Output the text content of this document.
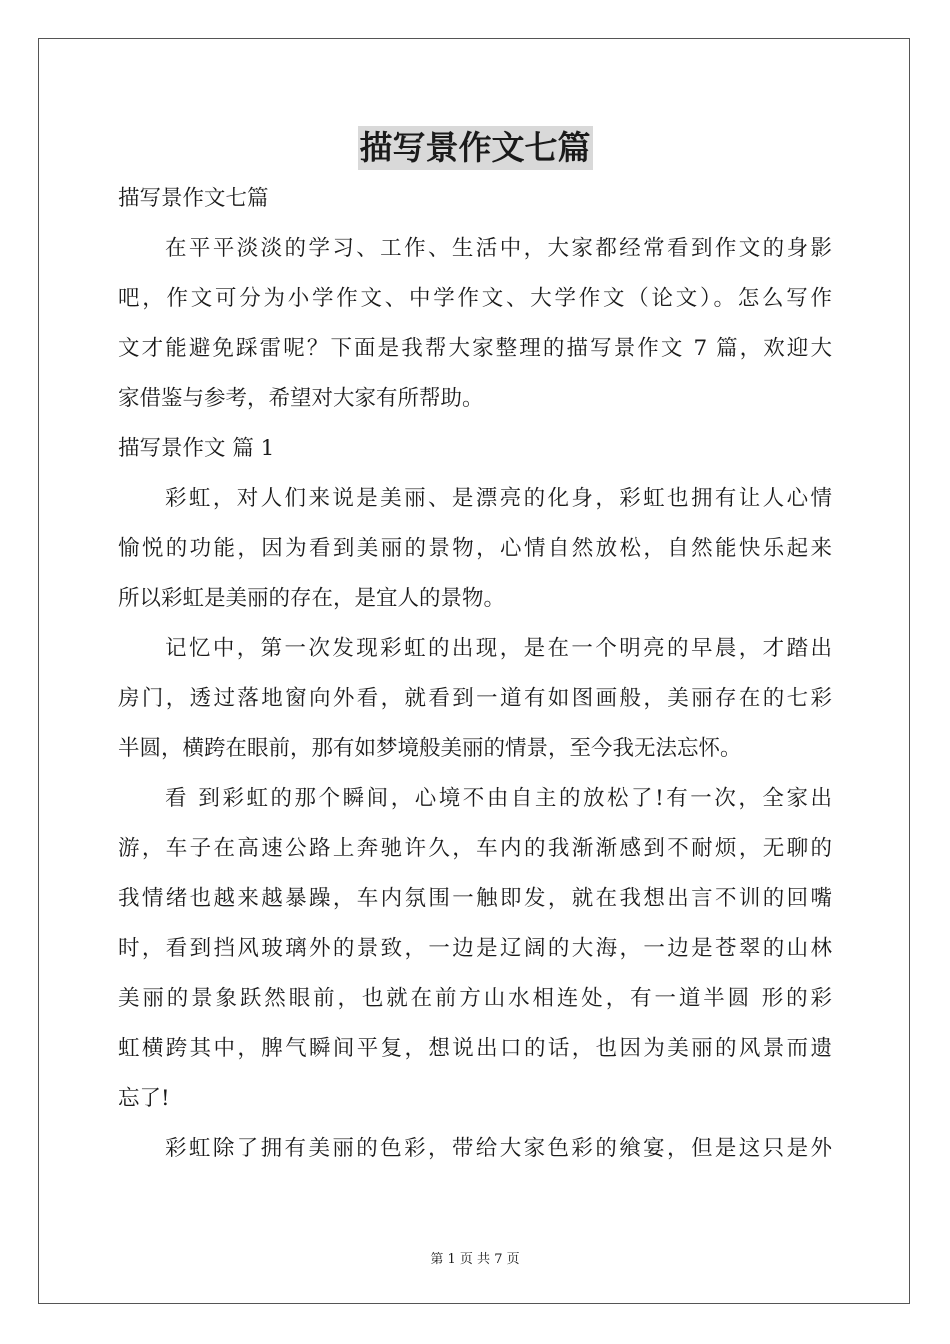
描写景作文七篇
描写景作文七篇
在平平淡淡的学习、工作、生活中，大家都经常看到作文的身影
吧，作文可分为小学作文、中学作文、大学作文（论文）。怎么写作
文才能避免踩雷呢？下面是我帮大家整理的描写景作文 7 篇，欢迎大
家借鉴与参考，希望对大家有所帮助。
描写景作文 篇 1
彩虹，对人们来说是美丽、是漂亮的化身，彩虹也拥有让人心情
愉悦的功能，因为看到美丽的景物，心情自然放松，自然能快乐起来
所以彩虹是美丽的存在，是宜人的景物。
记忆中，第一次发现彩虹的出现，是在一个明亮的早晨，才踏出
房门，透过落地窗向外看，就看到一道有如图画般，美丽存在的七彩
半圆，横跨在眼前，那有如梦境般美丽的情景，至今我无法忘怀。
看 到彩虹的那个瞬间，心境不由自主的放松了!有一次，全家出
游，车子在高速公路上奔驰许久，车内的我渐渐感到不耐烦，无聊的
我情绪也越来越暴躁，车内氛围一触即发，就在我想出言不训的回嘴
时，看到挡风玻璃外的景致，一边是辽阔的大海，一边是苍翠的山林
美丽的景象跃然眼前，也就在前方山水相连处，有一道半圆 形的彩
虹横跨其中，脾气瞬间平复，想说出口的话，也因为美丽的风景而遗
忘了!
彩虹除了拥有美丽的色彩，带给大家色彩的飨宴，但是这只是外
第 1 页 共 7 页
